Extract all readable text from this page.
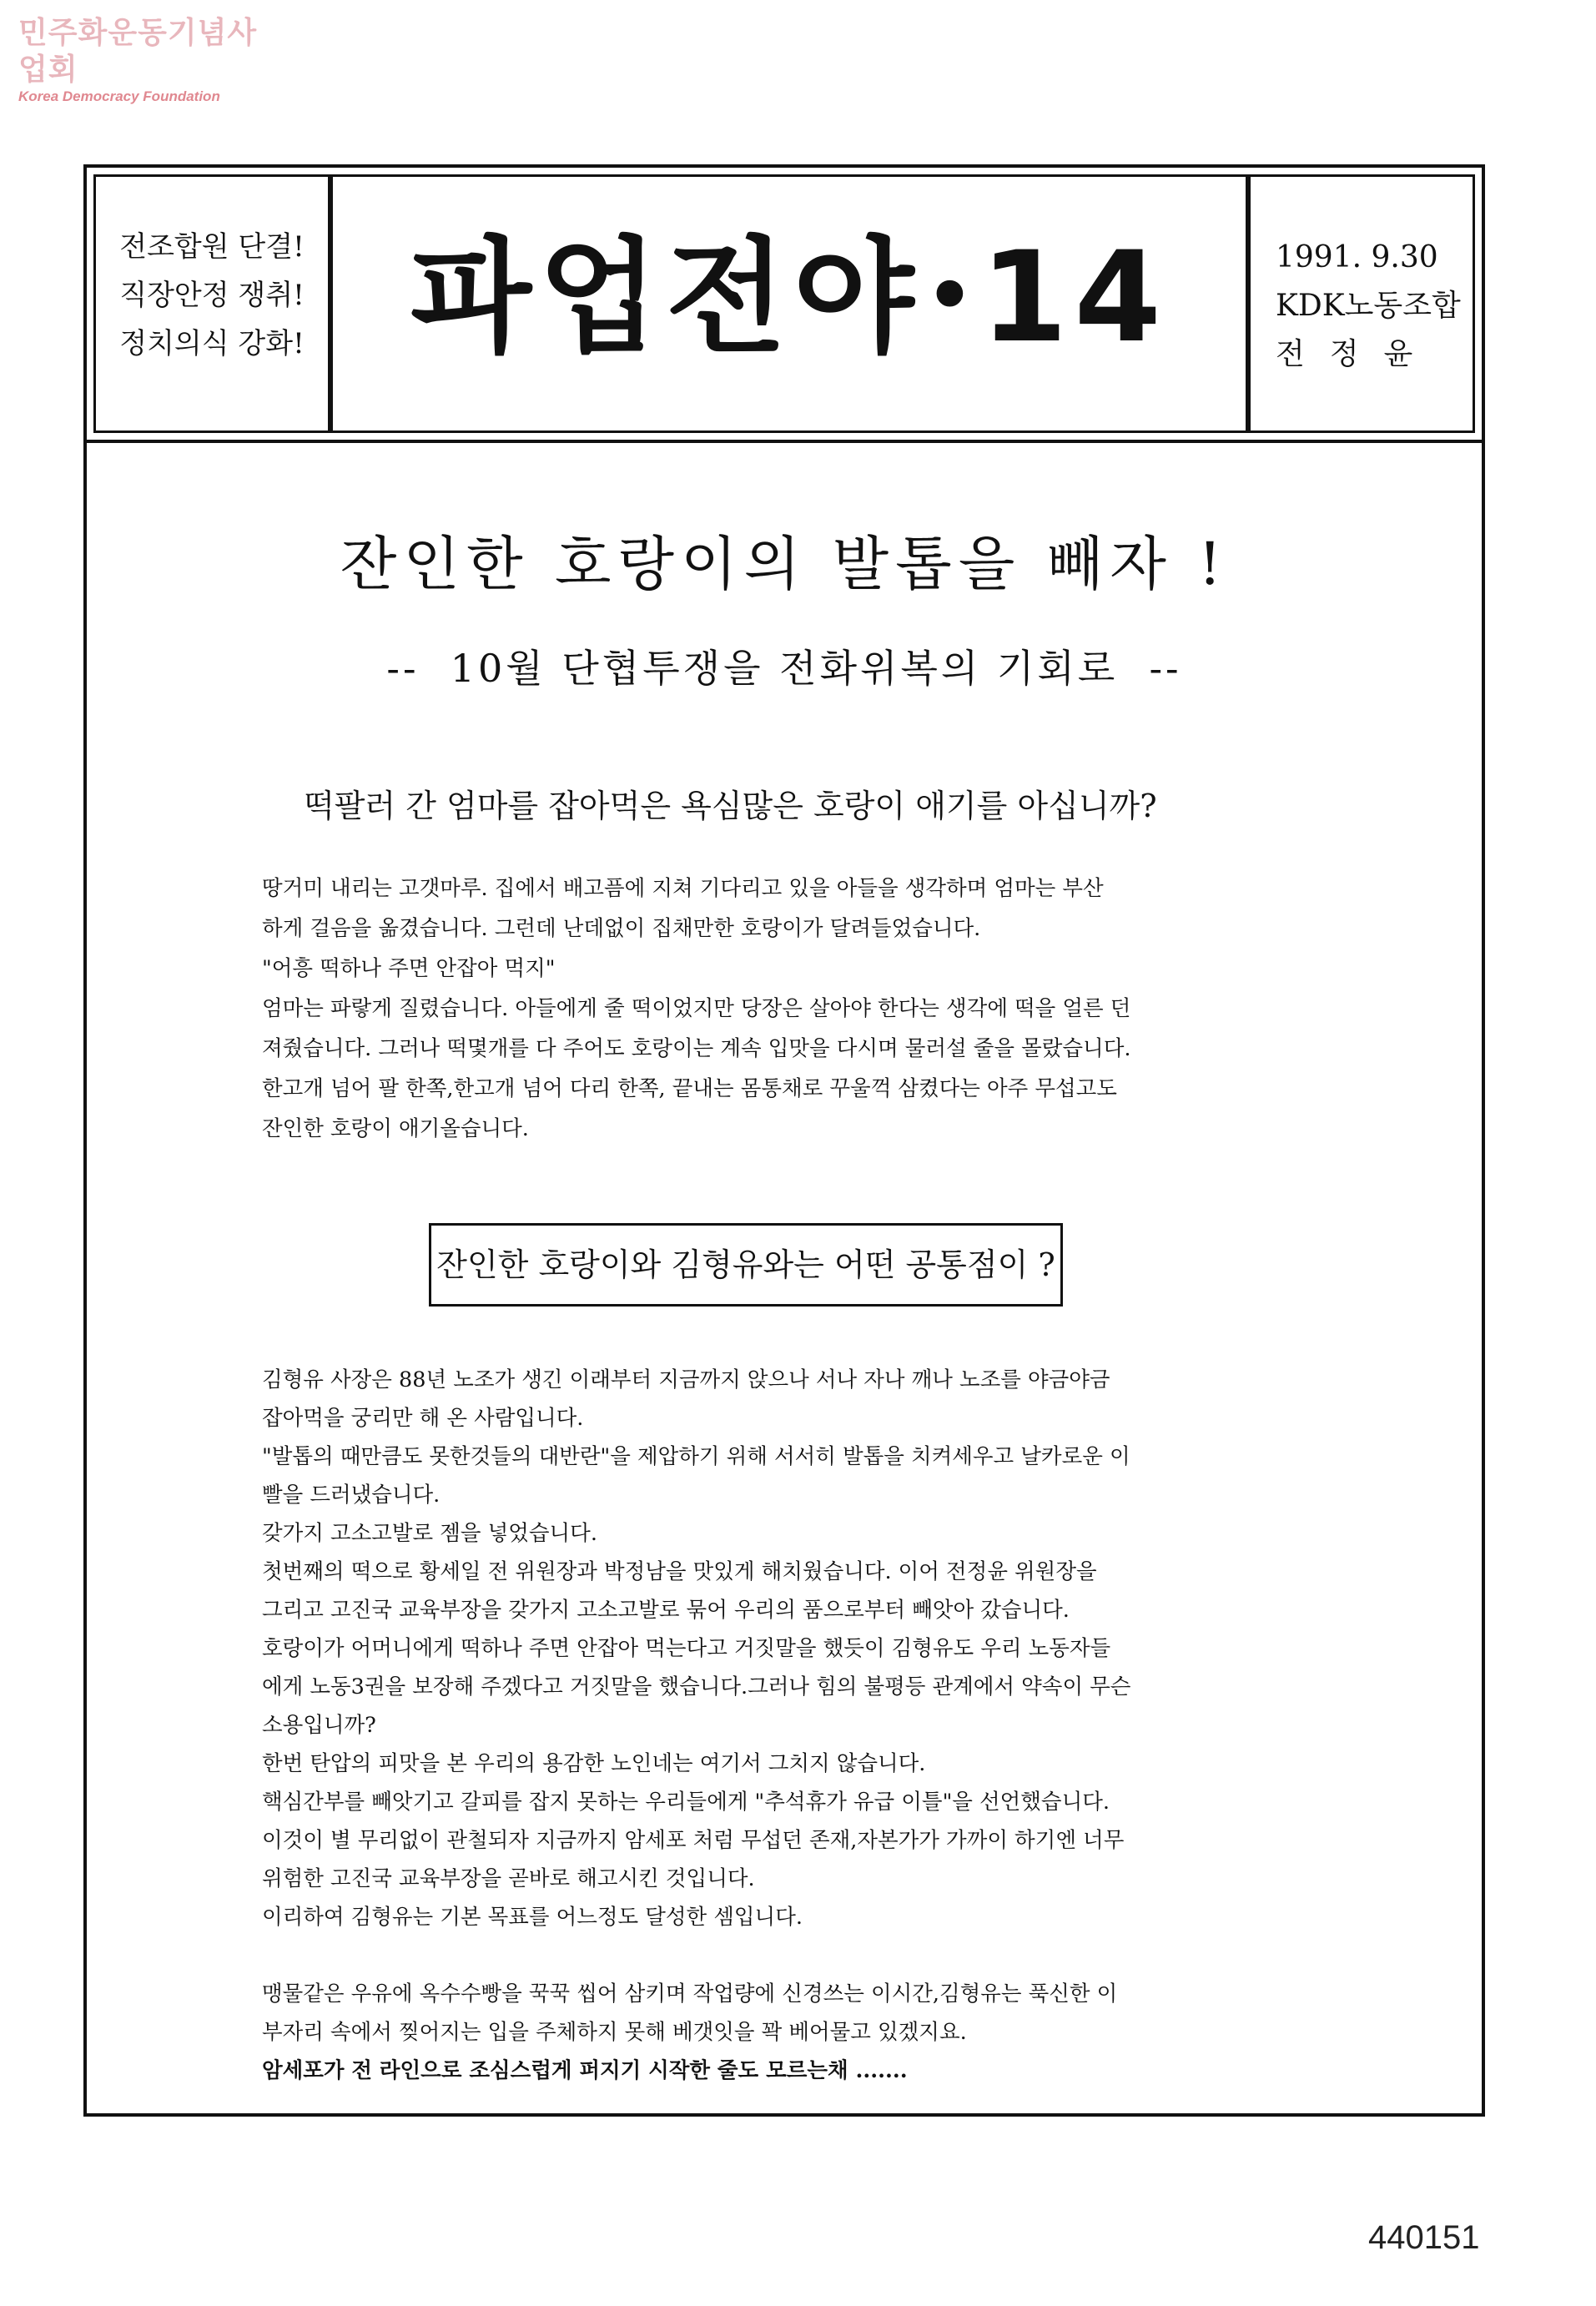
민주화운동기념사업회
Korea Democracy Foundation
전조합원 단결!
직장안정 쟁취!
정치의식 강화! 파업전야•14	1991. 9.30
KDK노동조합
전정윤
잔인한 호랑이의 발톱을 빼자 !
--  10월 단협투쟁을 전화위복의 기회로  --
떡팔러 간 엄마를 잡아먹은 욕심많은 호랑이 애기를 아십니까?
땅거미 내리는 고갯마루. 집에서 배고픔에 지쳐 기다리고 있을 아들을 생각하며 엄마는 부산
하게 걸음을 옮겼습니다. 그런데 난데없이 집채만한 호랑이가 달려들었습니다.
"어흥 떡하나 주면 안잡아 먹지"
엄마는 파랗게 질렸습니다. 아들에게 줄 떡이었지만 당장은 살아야 한다는 생각에 떡을 얼른 던
져줬습니다. 그러나 떡몇개를 다 주어도 호랑이는 계속 입맛을 다시며 물러설 줄을 몰랐습니다.
한고개 넘어 팔 한쪽,한고개 넘어 다리 한쪽, 끝내는 몸통채로 꾸울꺽 삼켰다는 아주 무섭고도
잔인한 호랑이 애기올습니다.
잔인한 호랑이와 김형유와는 어떤 공통점이 ?
김형유 사장은 88년 노조가 생긴 이래부터 지금까지 앉으나 서나 자나 깨나 노조를 야금야금
잡아먹을 궁리만 해 온 사람입니다.
"발톱의 때만큼도 못한것들의 대반란"을 제압하기 위해 서서히 발톱을 치켜세우고 날카로운 이
빨을 드러냈습니다.
갖가지 고소고발로 젬을 넣었습니다.
첫번째의 떡으로 황세일 전 위원장과 박정남을 맛있게 해치웠습니다. 이어 전정윤 위원장을
그리고 고진국 교육부장을 갖가지 고소고발로 묶어 우리의 품으로부터 빼앗아 갔습니다.
호랑이가 어머니에게 떡하나 주면 안잡아 먹는다고 거짓말을 했듯이 김형유도 우리 노동자들
에게 노동3권을 보장해 주겠다고 거짓말을 했습니다.그러나 힘의 불평등 관계에서 약속이 무슨
소용입니까?
한번 탄압의 피맛을 본 우리의 용감한 노인네는 여기서 그치지 않습니다.
핵심간부를 빼앗기고 갈피를 잡지 못하는 우리들에게 "추석휴가 유급 이틀"을 선언했습니다.
이것이 별 무리없이 관철되자 지금까지 암세포 처럼 무섭던 존재,자본가가 가까이 하기엔 너무
위험한 고진국 교육부장을 곧바로 해고시킨 것입니다.
이리하여 김형유는 기본 목표를 어느정도 달성한 셈입니다.

맹물같은 우유에 옥수수빵을 꾹꾹 씹어 삼키며 작업량에 신경쓰는 이시간,김형유는 푹신한 이
부자리 속에서 찢어지는 입을 주체하지 못해 베갯잇을 꽉 베어물고 있겠지요.
암세포가 전 라인으로 조심스럽게 퍼지기 시작한 줄도 모르는채 .......
440151
